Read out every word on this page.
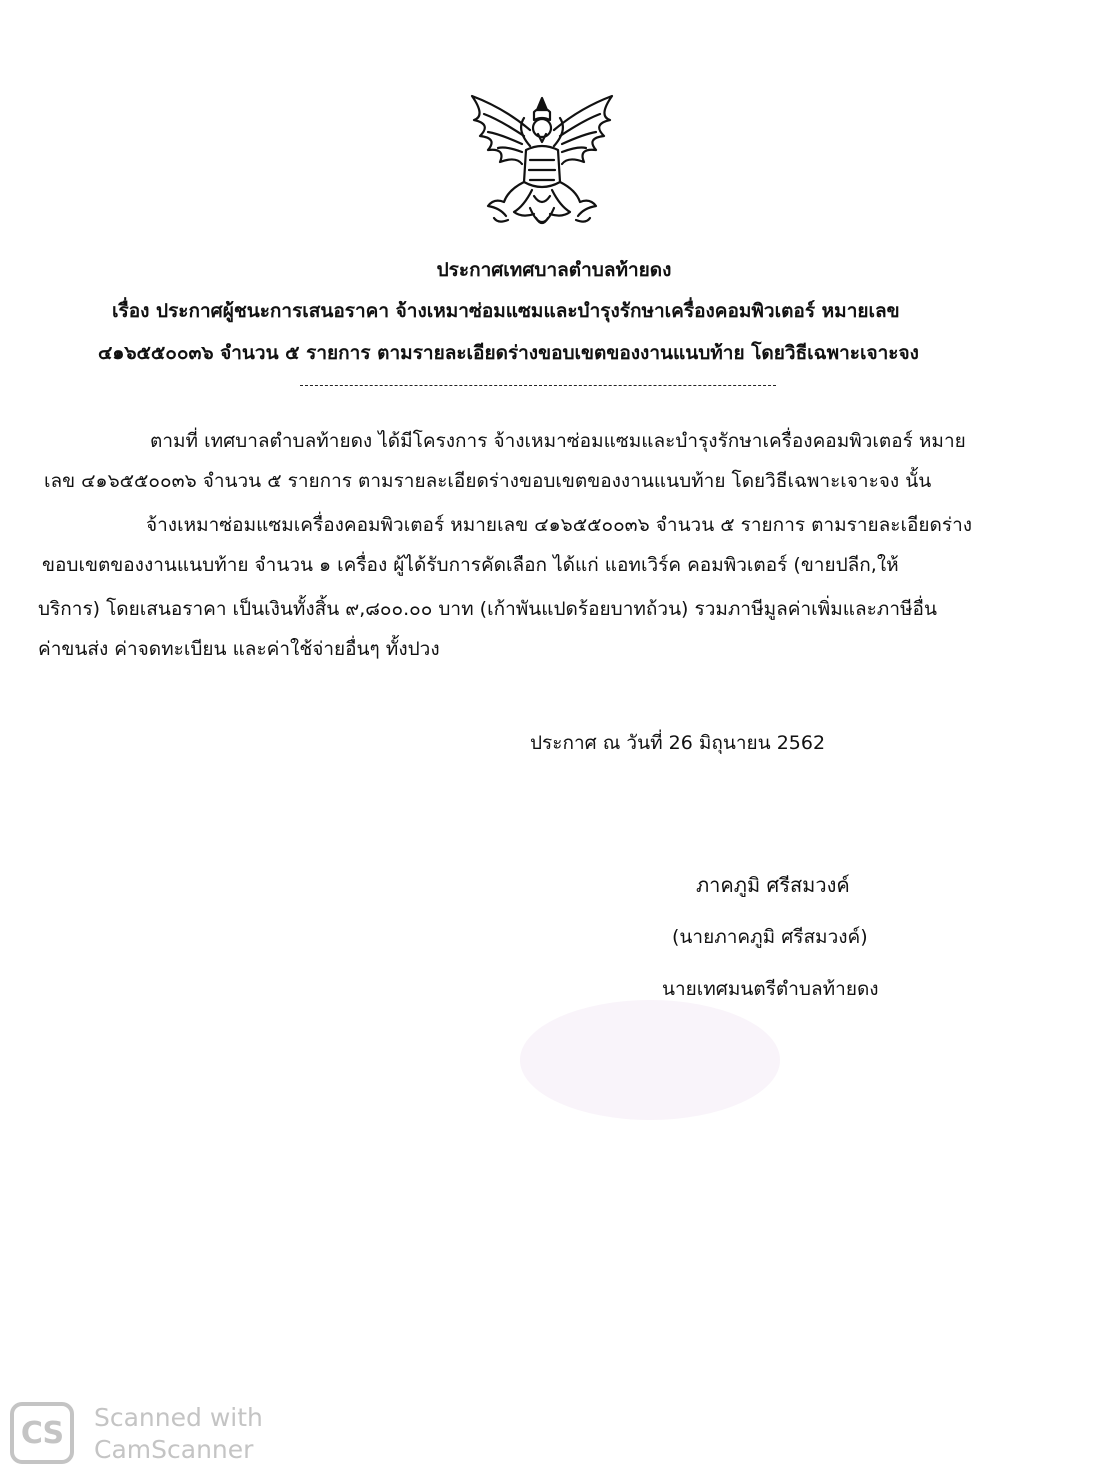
ประกาศเทศบาลตำบลท้ายดง
เรื่อง ประกาศผู้ชนะการเสนอราคา จ้างเหมาซ่อมแซมและบำรุงรักษาเครื่องคอมพิวเตอร์ หมายเลข
๔๑๖๕๕๐๐๓๖ จำนวน ๕ รายการ ตามรายละเอียดร่างขอบเขตของงานแนบท้าย โดยวิธีเฉพาะเจาะจง
ตามที่ เทศบาลตำบลท้ายดง ได้มีโครงการ จ้างเหมาซ่อมแซมและบำรุงรักษาเครื่องคอมพิวเตอร์ หมาย
เลข ๔๑๖๕๕๐๐๓๖ จำนวน ๕ รายการ ตามรายละเอียดร่างขอบเขตของงานแนบท้าย โดยวิธีเฉพาะเจาะจง นั้น
จ้างเหมาซ่อมแซมเครื่องคอมพิวเตอร์ หมายเลข ๔๑๖๕๕๐๐๓๖ จำนวน ๕ รายการ ตามรายละเอียดร่าง
ขอบเขตของงานแนบท้าย จำนวน ๑ เครื่อง ผู้ได้รับการคัดเลือก ได้แก่ แอทเวิร์ค คอมพิวเตอร์ (ขายปลีก,ให้
บริการ) โดยเสนอราคา เป็นเงินทั้งสิ้น ๙,๘๐๐.๐๐ บาท (เก้าพันแปดร้อยบาทถ้วน) รวมภาษีมูลค่าเพิ่มและภาษีอื่น
ค่าขนส่ง ค่าจดทะเบียน และค่าใช้จ่ายอื่นๆ ทั้งปวง
ประกาศ ณ วันที่ 26 มิถุนายน 2562
ภาคภูมิ ศรีสมวงค์
(นายภาคภูมิ ศรีสมวงค์)
นายเทศมนตรีตำบลท้ายดง
CS	Scanned with
CamScanner
